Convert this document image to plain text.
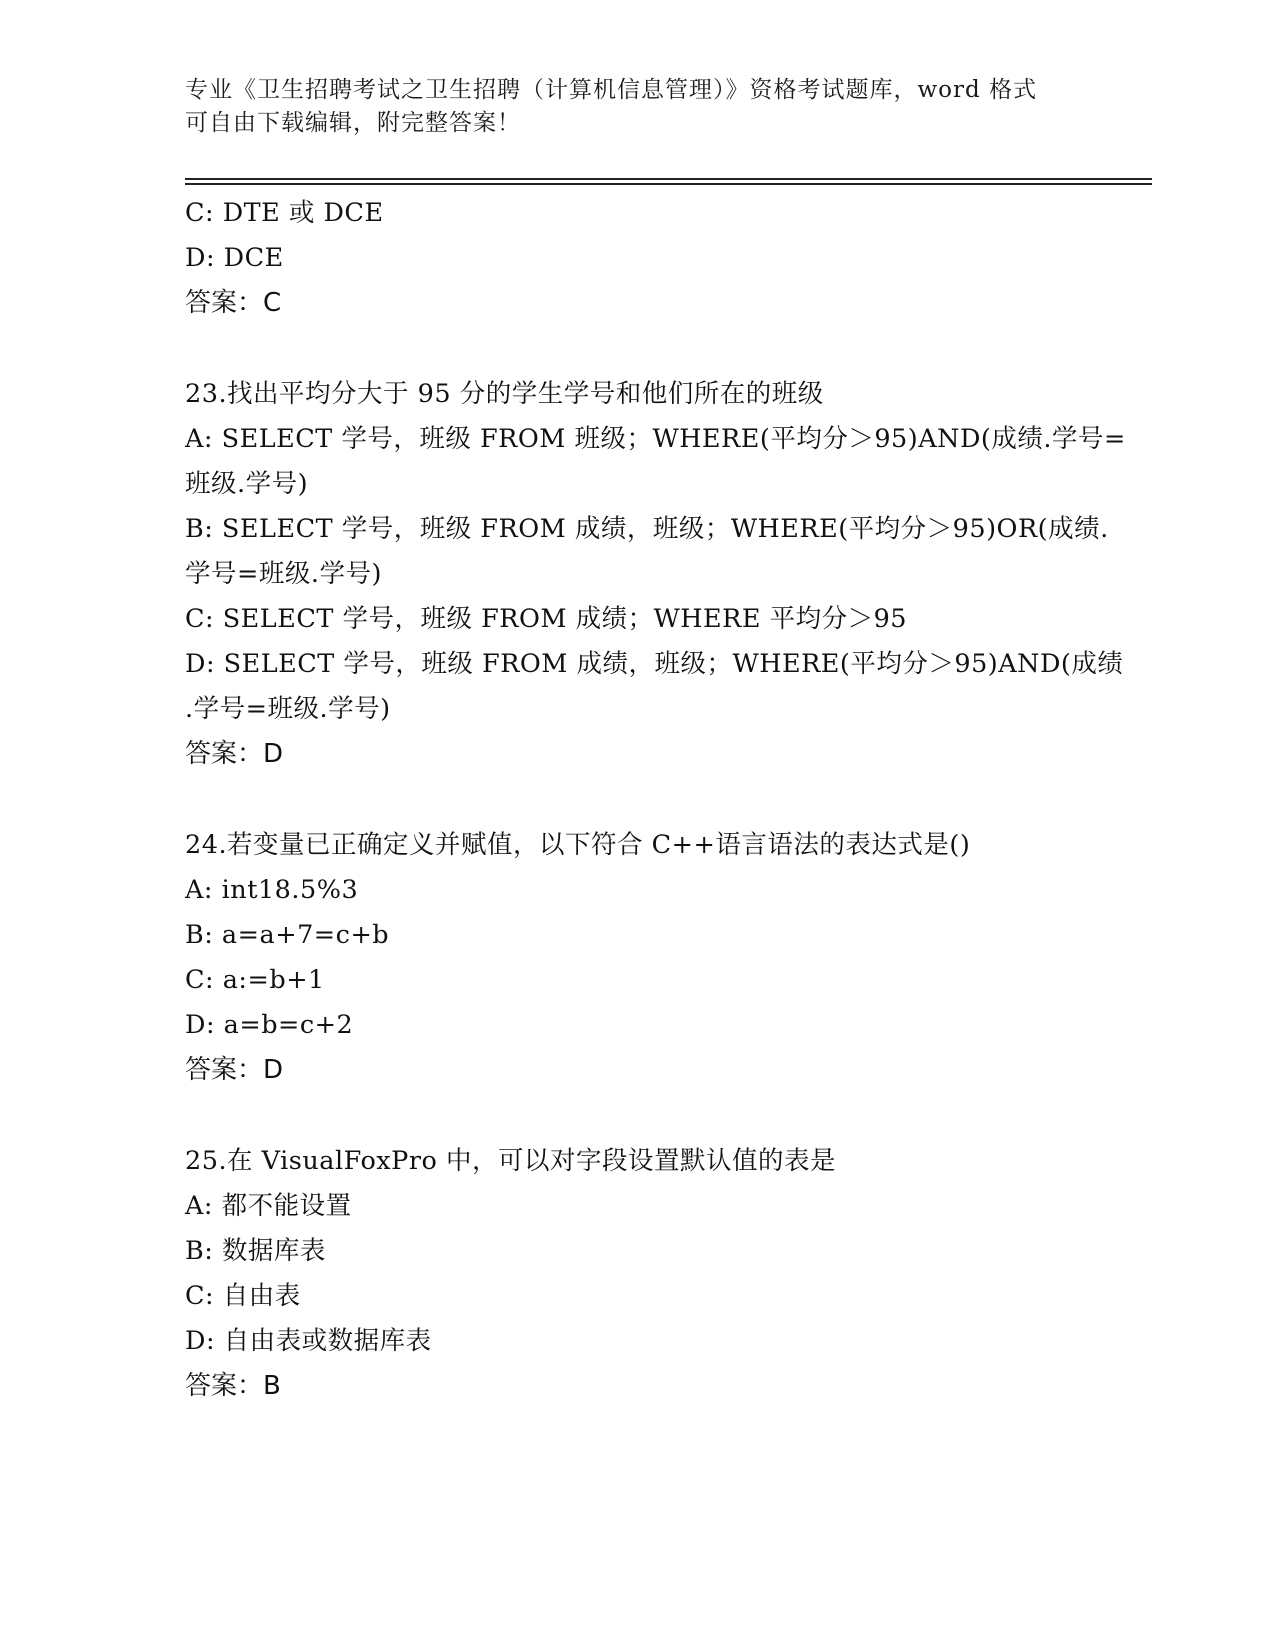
专业《卫生招聘考试之卫生招聘（计算机信息管理）》资格考试题库，word 格式
可自由下载编辑，附完整答案！
C: DTE 或 DCE
D: DCE
答案：C
23.找出平均分大于 95 分的学生学号和他们所在的班级
A: SELECT 学号，班级 FROM 班级；WHERE(平均分＞95)AND(成绩.学号=
班级.学号)
B: SELECT 学号，班级 FROM 成绩，班级；WHERE(平均分＞95)OR(成绩.
学号=班级.学号)
C: SELECT 学号，班级 FROM 成绩；WHERE 平均分＞95
D: SELECT 学号，班级 FROM 成绩，班级；WHERE(平均分＞95)AND(成绩
.学号=班级.学号)
答案：D
24.若变量已正确定义并赋值，以下符合 C++语言语法的表达式是()
A: int18.5%3
B: a=a+7=c+b
C: a:=b+1
D: a=b=c+2
答案：D
25.在 VisualFoxPro 中，可以对字段设置默认值的表是
A: 都不能设置
B: 数据库表
C: 自由表
D: 自由表或数据库表
答案：B
